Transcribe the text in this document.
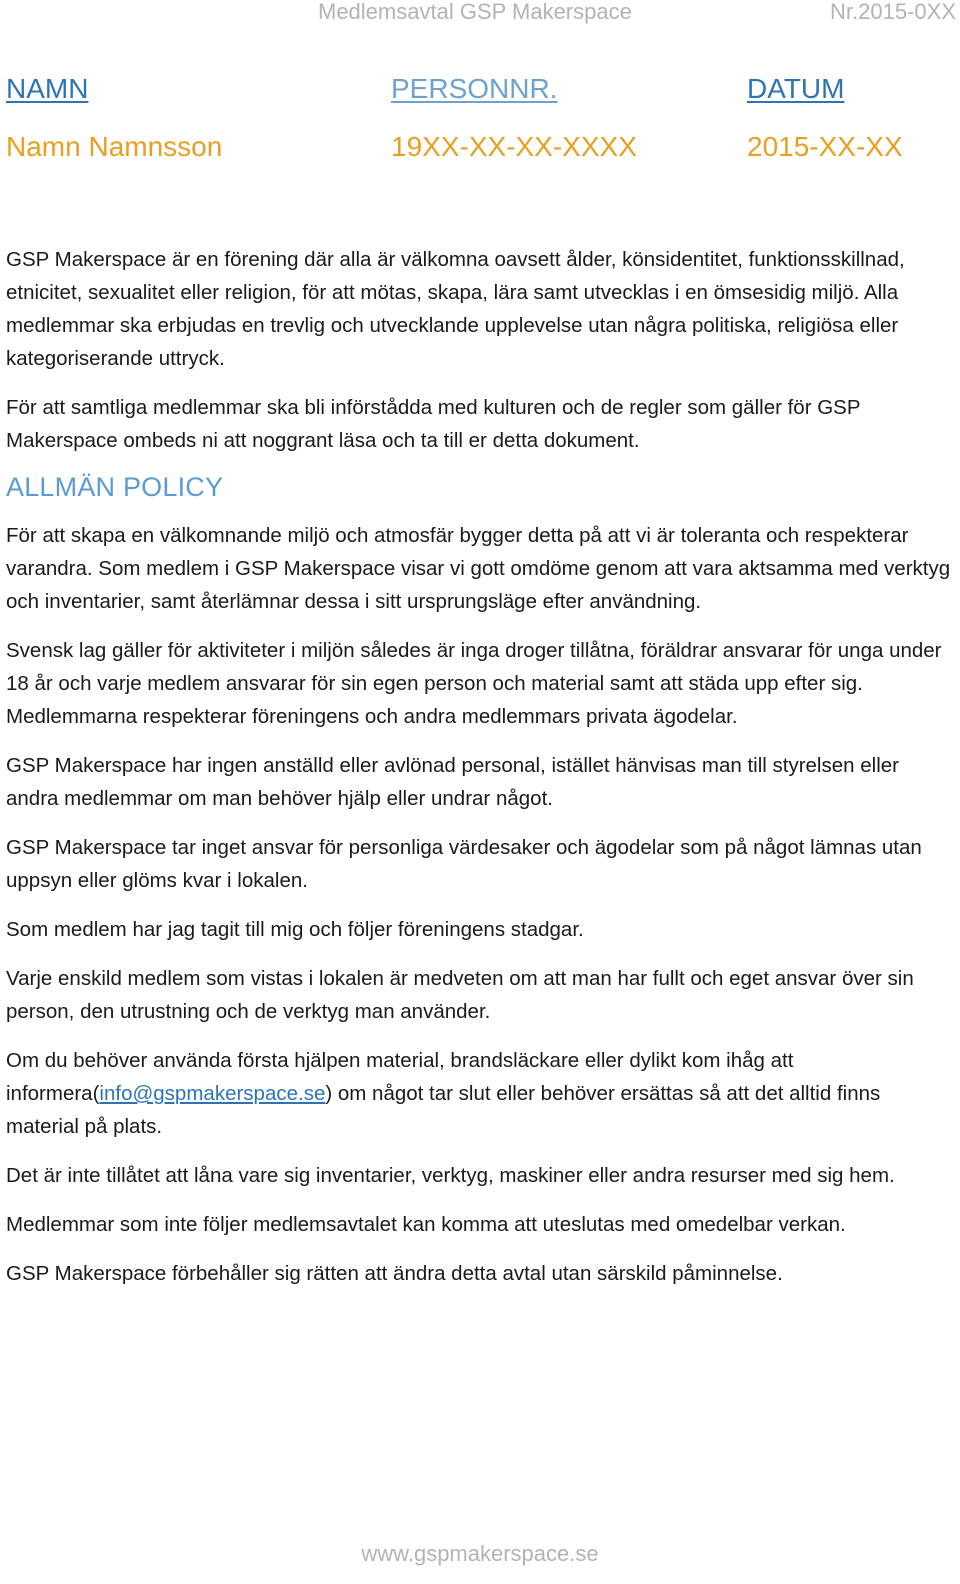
Medlemsavtal GSP Makerspace	Nr.2015-0XX
NAMN	PERSONNR.	DATUM
Namn Namnsson	19XX-XX-XX-XXXX	2015-XX-XX

GSP Makerspace är en förening där alla är välkomna oavsett ålder, könsidentitet, funktionsskillnad, etnicitet, sexualitet eller religion, för att mötas, skapa, lära samt utvecklas i en ömsesidig miljö. Alla medlemmar ska erbjudas en trevlig och utvecklande upplevelse utan några politiska, religiösa eller kategoriserande uttryck.

För att samtliga medlemmar ska bli införstådda med kulturen och de regler som gäller för GSP Makerspace ombeds ni att noggrant läsa och ta till er detta dokument.

ALLMÄN POLICY

För att skapa en välkomnande miljö och atmosfär bygger detta på att vi är toleranta och respekterar varandra. Som medlem i GSP Makerspace visar vi gott omdöme genom att vara aktsamma med verktyg och inventarier, samt återlämnar dessa i sitt ursprungsläge efter användning.

Svensk lag gäller för aktiviteter i miljön således är inga droger tillåtna, föräldrar ansvarar för unga under 18 år och varje medlem ansvarar för sin egen person och material samt att städa upp efter sig. Medlemmarna respekterar föreningens och andra medlemmars privata ägodelar.

GSP Makerspace har ingen anställd eller avlönad personal, istället hänvisas man till styrelsen eller andra medlemmar om man behöver hjälp eller undrar något.

GSP Makerspace tar inget ansvar för personliga värdesaker och ägodelar som på något lämnas utan uppsyn eller glöms kvar i lokalen.

Som medlem har jag tagit till mig och följer föreningens stadgar.

Varje enskild medlem som vistas i lokalen är medveten om att man har fullt och eget ansvar över sin person, den utrustning och de verktyg man använder.

Om du behöver använda första hjälpen material, brandsläckare eller dylikt kom ihåg att informera(info@gspmakerspace.se) om något tar slut eller behöver ersättas så att det alltid finns material på plats.

Det är inte tillåtet att låna vare sig inventarier, verktyg, maskiner eller andra resurser med sig hem.

Medlemmar som inte följer medlemsavtalet kan komma att uteslutas med omedelbar verkan.

GSP Makerspace förbehåller sig rätten att ändra detta avtal utan särskild påminnelse.

www.gspmakerspace.se
